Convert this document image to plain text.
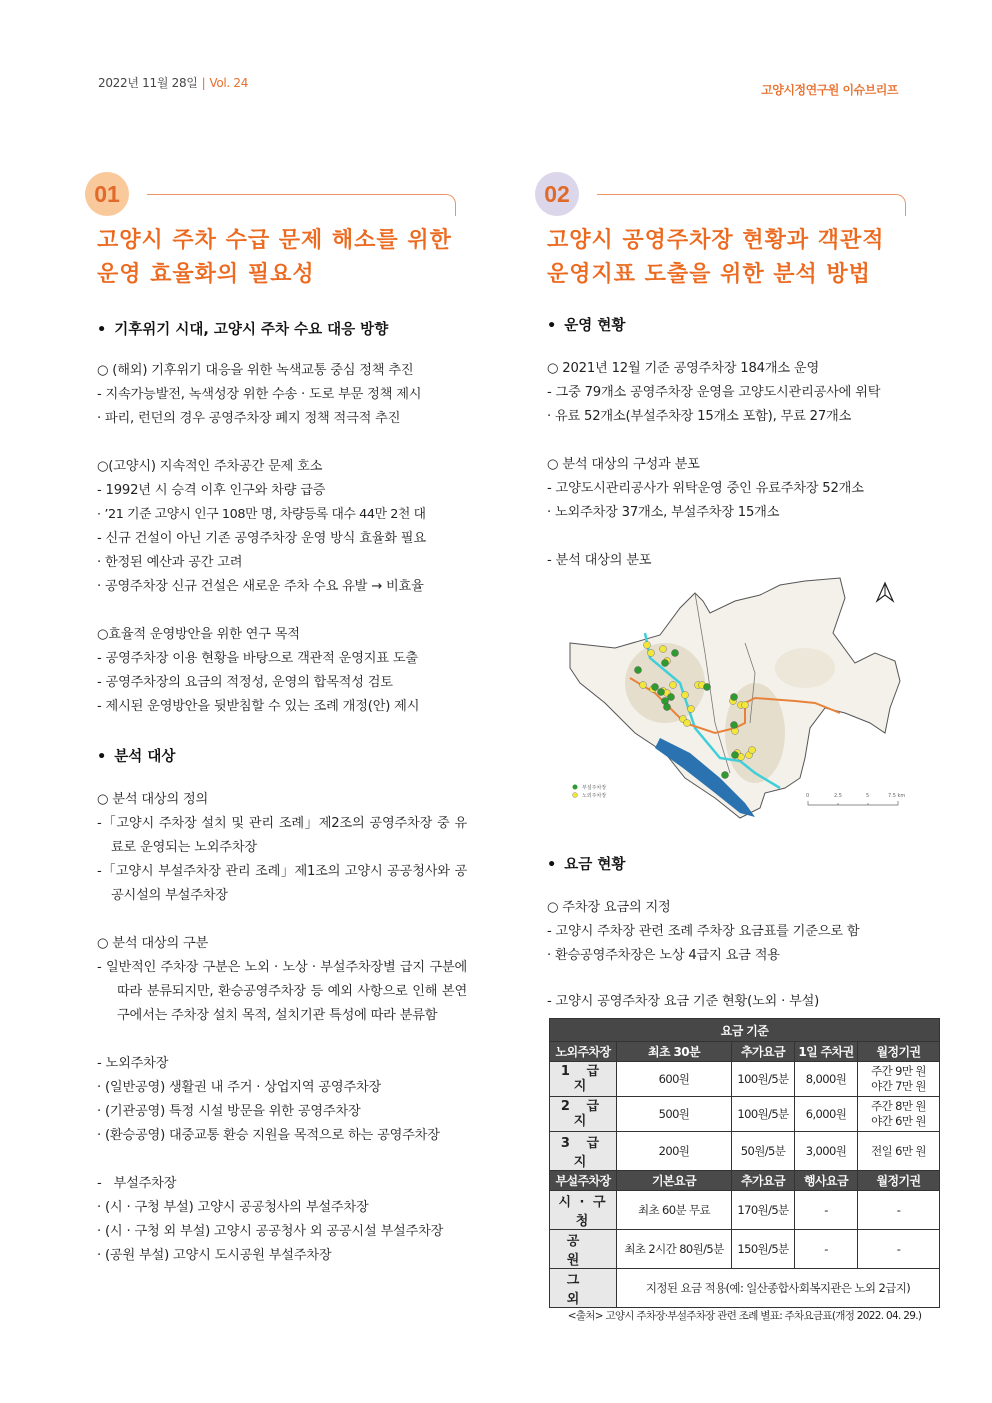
2022년 11월 28일 | Vol. 24	고양시정연구원 이슈브리프
01
고양시 주차 수급 문제 해소를 위한
운영 효율화의 필요성
• 기후위기 시대, 고양시 주차 수요 대응 방향
○ (해외) 기후위기 대응을 위한 녹색교통 중심 정책 추진
- 지속가능발전, 녹색성장 위한 수송 · 도로 부문 정책 제시
· 파리, 런던의 경우 공영주차장 폐지 정책 적극적 추진
○(고양시) 지속적인 주차공간 문제 호소
- 1992년 시 승격 이후 인구와 차량 급증
· ’21 기준 고양시 인구 108만 명, 차량등록 대수 44만 2천 대
- 신규 건설이 아닌 기존 공영주차장 운영 방식 효율화 필요
· 한정된 예산과 공간 고려
· 공영주차장 신규 건설은 새로운 주차 수요 유발 → 비효율
○효율적 운영방안을 위한 연구 목적
- 공영주차장 이용 현황을 바탕으로 객관적 운영지표 도출
- 공영주차장의 요금의 적정성, 운영의 합목적성 검토
- 제시된 운영방안을 뒷받침할 수 있는 조례 개정(안) 제시
• 분석 대상
○ 분석 대상의 정의
-「고양시 주차장 설치 및 관리 조례」제2조의 공영주차장 중 유료로 운영되는 노외주차장
-「고양시 부설주차장 관리 조례」제1조의 고양시 공공청사와 공공시설의 부설주차장
○ 분석 대상의 구분
- 일반적인 주차장 구분은 노외 · 노상 · 부설주차장별 급지 구분에 따라 분류되지만, 환승공영주차장 등 예외 사항으로 인해 본연구에서는 주차장 설치 목적, 설치기관 특성에 따라 분류함
- 노외주차장
· (일반공영) 생활권 내 주거 · 상업지역 공영주차장
· (기관공영) 특정 시설 방문을 위한 공영주차장
· (환승공영) 대중교통 환승 지원을 목적으로 하는 공영주차장
-   부설주차장
· (시 · 구청 부설) 고양시 공공청사의 부설주차장
· (시 · 구청 외 부설) 고양시 공공청사 외 공공시설 부설주차장
· (공원 부설) 고양시 도시공원 부설주차장
02
고양시 공영주차장 현황과 객관적
운영지표 도출을 위한 분석 방법
• 운영 현황
○ 2021년 12월 기준 공영주차장 184개소 운영
- 그중 79개소 공영주차장 운영을 고양도시관리공사에 위탁
· 유료 52개소(부설주차장 15개소 포함), 무료 27개소
○ 분석 대상의 구성과 분포
- 고양도시관리공사가 위탁운영 중인 유료주차장 52개소
· 노외주차장 37개소, 부설주차장 15개소
- 분석 대상의 분포
부설주차장
노외주차장	0	2.5	5	7.5 km
• 요금 현황
○ 주차장 요금의 지정
- 고양시 주차장 관련 조례 주차장 요금표를 기준으로 함
· 환승공영주차장은 노상 4급지 요금 적용
- 고양시 공영주차장 요금 기준 현황(노외 · 부설)
요금 기준				
노외주차장	최초 30분	추가요금	1일 주차권	월정기권
1 급 지	600원	100원/5분	8,000원	주간 9만 원
야간 7만 원

2 급 지	500원	100원/5분	6,000원	주간 8만 원
야간 6만 원

3 급 지	200원	50원/5분	3,000원	전일 6만 원
부설주차장	기본요금	추가요금	행사요금	월정기권
시 · 구청	최초 60분 무료	170원/5분	-	-
공 원	최초 2시간 80원/5분	150원/5분	-	-
그 외	지정된 요금 적용(예: 일산종합사회복지관은 노외 2급지)			
<출처> 고양시 주차장·부설주차장 관련 조례 별표: 주차요금표(개정 2022. 04. 29.)
